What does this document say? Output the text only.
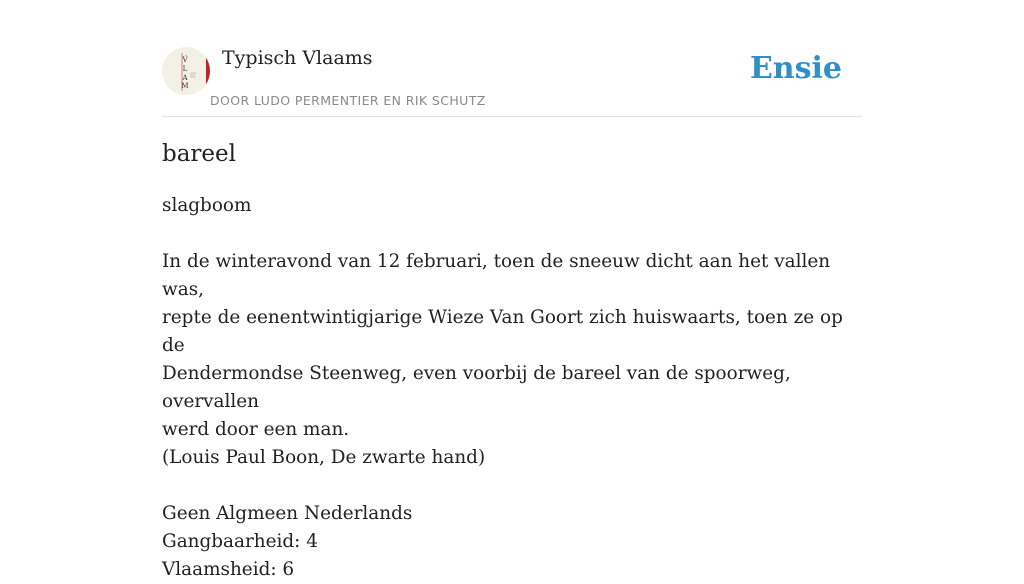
.
V
L
A
M
Typisch Vlaams
DOOR LUDO PERMENTIER EN RIK SCHUTZ
Ensie
bareel

slagboom

In de winteravond van 12 februari, toen de sneeuw dicht aan het vallen was,

repte de eenentwintigjarige Wieze Van Goort zich huiswaarts, toen ze op de

Dendermondse Steenweg, even voorbij de bareel van de spoorweg, overvallen

werd door een man.

(Louis Paul Boon, De zwarte hand)

Geen Algmeen Nederlands

Gangbaarheid: 4

Vlaamsheid: 6
